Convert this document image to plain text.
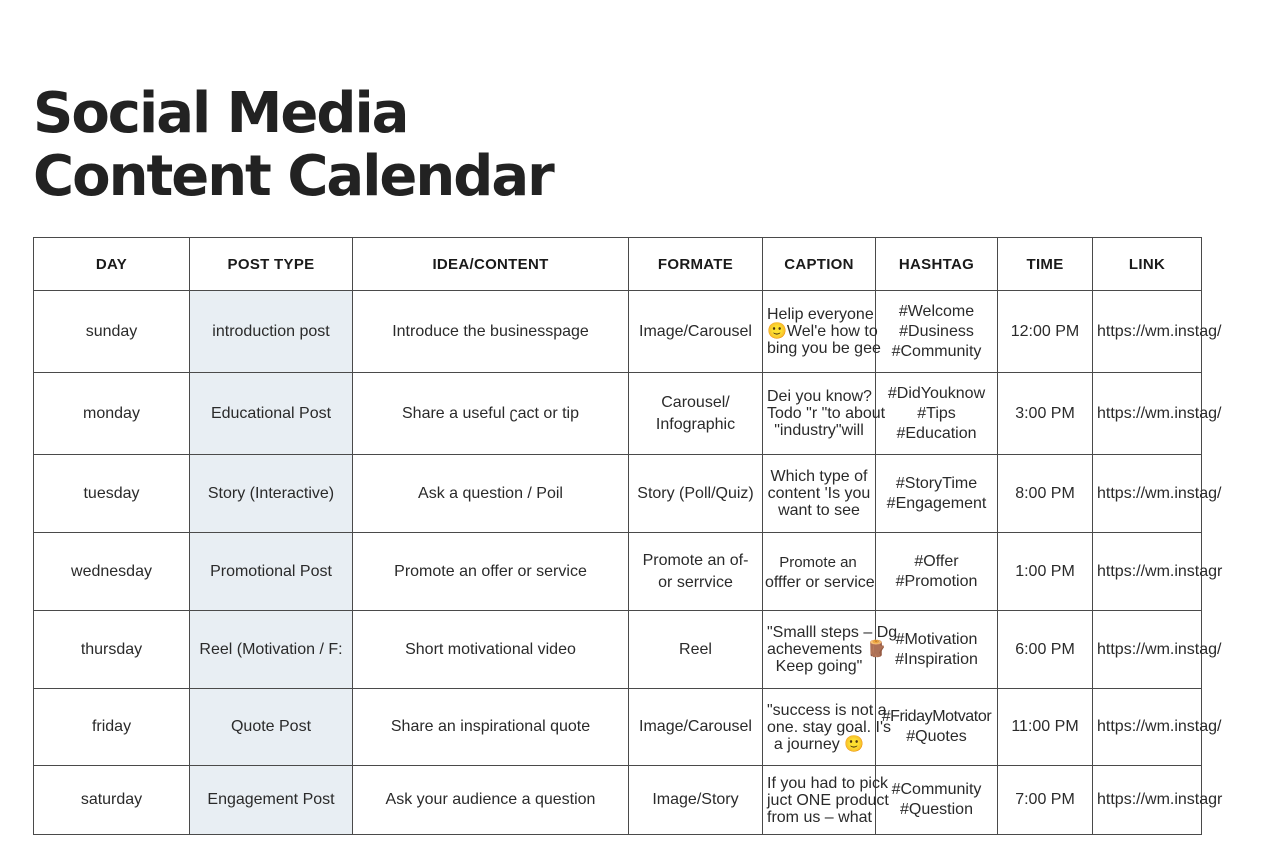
Social Media
Content Calendar
DAY	POST TYPE	IDEA/CONTENT	FORMATE	CAPTION	HASHTAG	TIME	LINK
sunday	introduction post	Introduce the businesspage	Image/Carousel	Helip everyone
🙂Wel'e how to
bing you be gee	#Welcome
#Dusiness
#Community	12:00 PM	https://wm.instag/
monday	Educational Post	Share a useful ʗact or tip	Carousel/
Infographic	Dei you know?
Todo "r "to about
"industry"will	#DidYouknow
#Tips
#Education	3:00 PM	https://wm.instag/
tuesday	Story (Interactive)	Ask a question / Poil	Story (Poll/Quiz)	Which type of
content 'Is you
want to see	#StoryTime
#Engagement	8:00 PM	https://wm.instag/
wednesday	Promotional Post	Promote an offer or service	Promote an of-
or serrvice	Promote an
offfer or service	#Offer
#Promotion	1:00 PM	https://wm.instagr
thursday	Reel (Motivation / F:	Short motivational video	Reel	"Smalll steps – Dg
achevements 🪵
Keep going"	#Motivation
#Inspiration	6:00 PM	https://wm.instag/
friday	Quote Post	Share an inspirational quote	Image/Carousel	"success is not a
one. stay goal. I's
a journey 🙂	#FridayMotvator
#Quotes	11:00 PM	https://wm.instag/
saturday	Engagement Post	Ask your audience a question	Image/Story	If you had to pick
juct ONE product
from us – what	#Community
#Question	7:00 PM	https://wm.instagr
